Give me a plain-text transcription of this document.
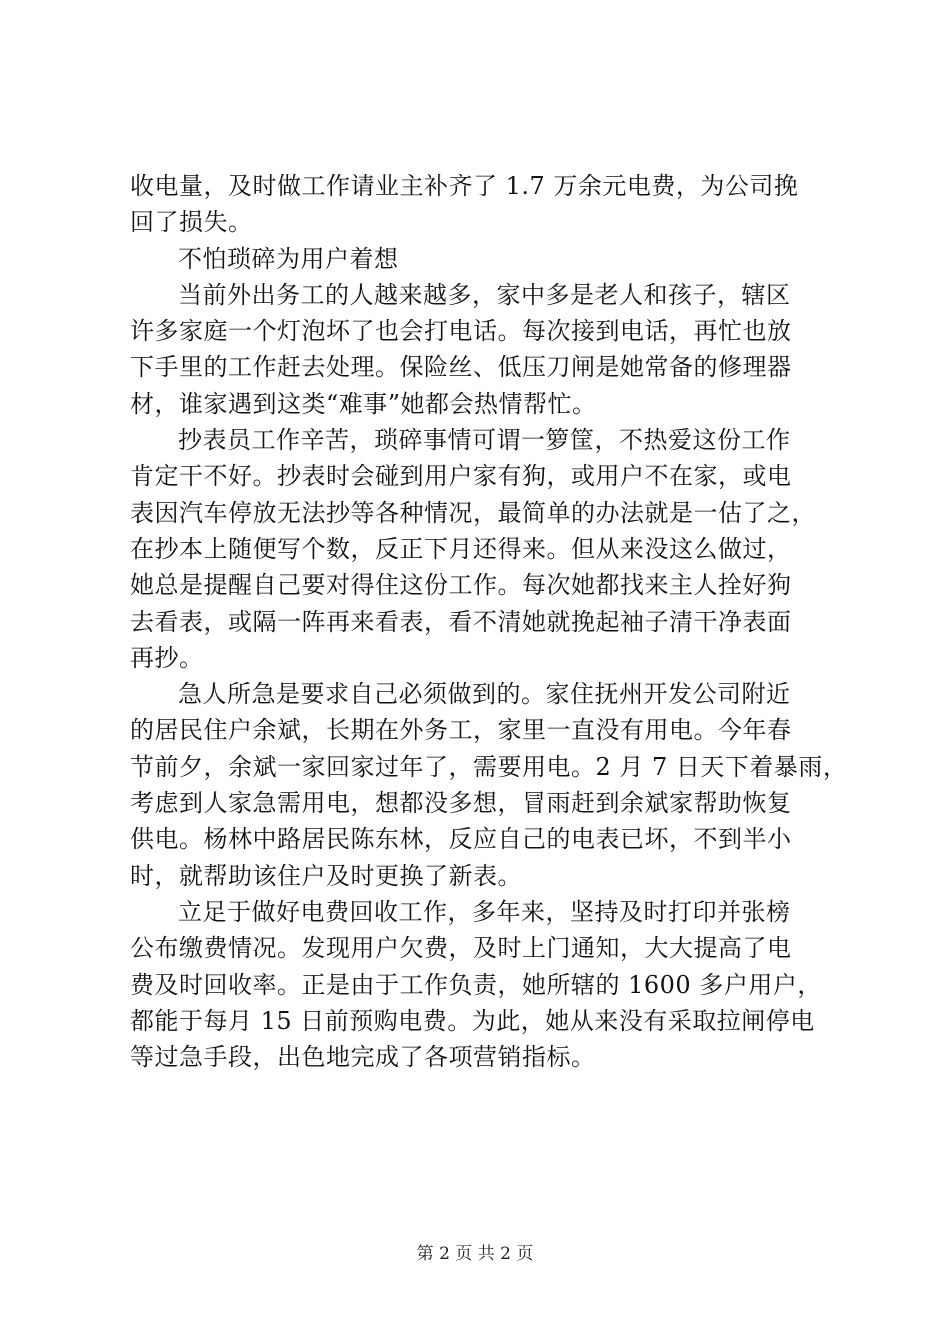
收电量，及时做工作请业主补齐了 1.7 万余元电费，为公司挽

回了损失。

不怕琐碎为用户着想

当前外出务工的人越来越多，家中多是老人和孩子，辖区

许多家庭一个灯泡坏了也会打电话。每次接到电话，再忙也放

下手里的工作赶去处理。保险丝、低压刀闸是她常备的修理器

材，谁家遇到这类“难事”她都会热情帮忙。

抄表员工作辛苦，琐碎事情可谓一箩筐，不热爱这份工作

肯定干不好。抄表时会碰到用户家有狗，或用户不在家，或电

表因汽车停放无法抄等各种情况，最简单的办法就是一估了之，

在抄本上随便写个数，反正下月还得来。但从来没这么做过，

她总是提醒自己要对得住这份工作。每次她都找来主人拴好狗

去看表，或隔一阵再来看表，看不清她就挽起袖子清干净表面

再抄。

急人所急是要求自己必须做到的。家住抚州开发公司附近

的居民住户余斌，长期在外务工，家里一直没有用电。今年春

节前夕，余斌一家回家过年了，需要用电。2 月 7 日天下着暴雨，

考虑到人家急需用电，想都没多想，冒雨赶到余斌家帮助恢复

供电。杨林中路居民陈东林，反应自己的电表已坏，不到半小

时，就帮助该住户及时更换了新表。

立足于做好电费回收工作，多年来，坚持及时打印并张榜

公布缴费情况。发现用户欠费，及时上门通知，大大提高了电

费及时回收率。正是由于工作负责，她所辖的 1600 多户用户，

都能于每月 15 日前预购电费。为此，她从来没有采取拉闸停电

等过急手段，出色地完成了各项营销指标。

第 2 页 共 2 页
